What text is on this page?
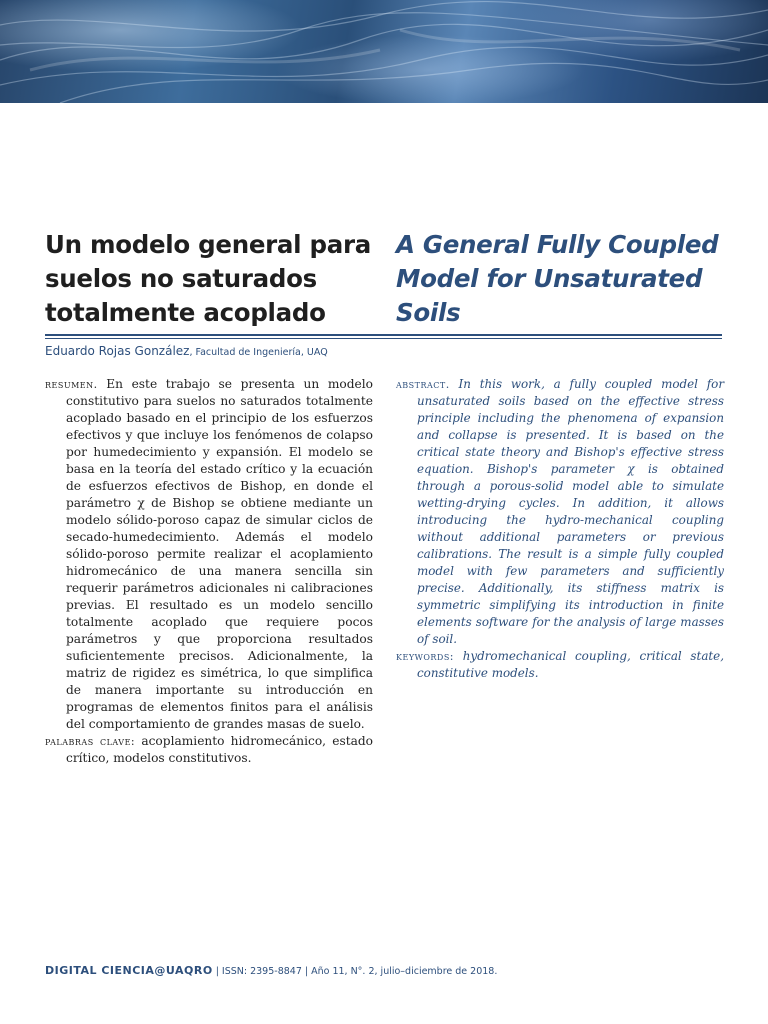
Un modelo general para suelos no saturados totalmente acoplado
A General Fully Coupled Model for Unsaturated Soils
Eduardo Rojas González, Facultad de Ingeniería, UAQ

resumen. En este trabajo se presenta un modelo constitutivo para suelos no saturados totalmente acoplado basado en el principio de los esfuerzos efectivos y que incluye los fenómenos de colapso por humedecimiento y expansión. El modelo se basa en la teoría del estado crítico y la ecuación de esfuerzos efectivos de Bishop, en donde el parámetro χ de Bishop se obtiene mediante un modelo sólido-poroso capaz de simular ciclos de secado-humedecimiento. Además el modelo sólido-poroso permite realizar el acoplamiento hidromecánico de una manera sencilla sin requerir parámetros adicionales ni calibraciones previas. El resultado es un modelo sencillo totalmente acoplado que requiere pocos parámetros y que proporciona resultados suficientemente precisos. Adicionalmente, la matriz de rigidez es simétrica, lo que simplifica de manera importante su introducción en programas de elementos finitos para el análisis del comportamiento de grandes masas de suelo.

palabras clave: acoplamiento hidromecánico, estado crítico, modelos constitutivos.

abstract. In this work, a fully coupled model for unsaturated soils based on the effective stress principle including the phenomena of expansion and collapse is presented. It is based on the critical state theory and Bishop's effective stress equation. Bishop's parameter χ is obtained through a porous-solid model able to simulate wetting-drying cycles. In addition, it allows introducing the hydro-mechanical coupling without additional parameters or previous calibrations. The result is a simple fully coupled model with few parameters and sufficiently precise. Additionally, its stiffness matrix is symmetric simplifying its introduction in finite elements software for the analysis of large masses of soil.

keywords: hydromechanical coupling, critical state, constitutive models.

DIGITAL CIENCIA@UAQRO | ISSN: 2395-8847 | Año 11, N°. 2, julio–diciembre de 2018.
